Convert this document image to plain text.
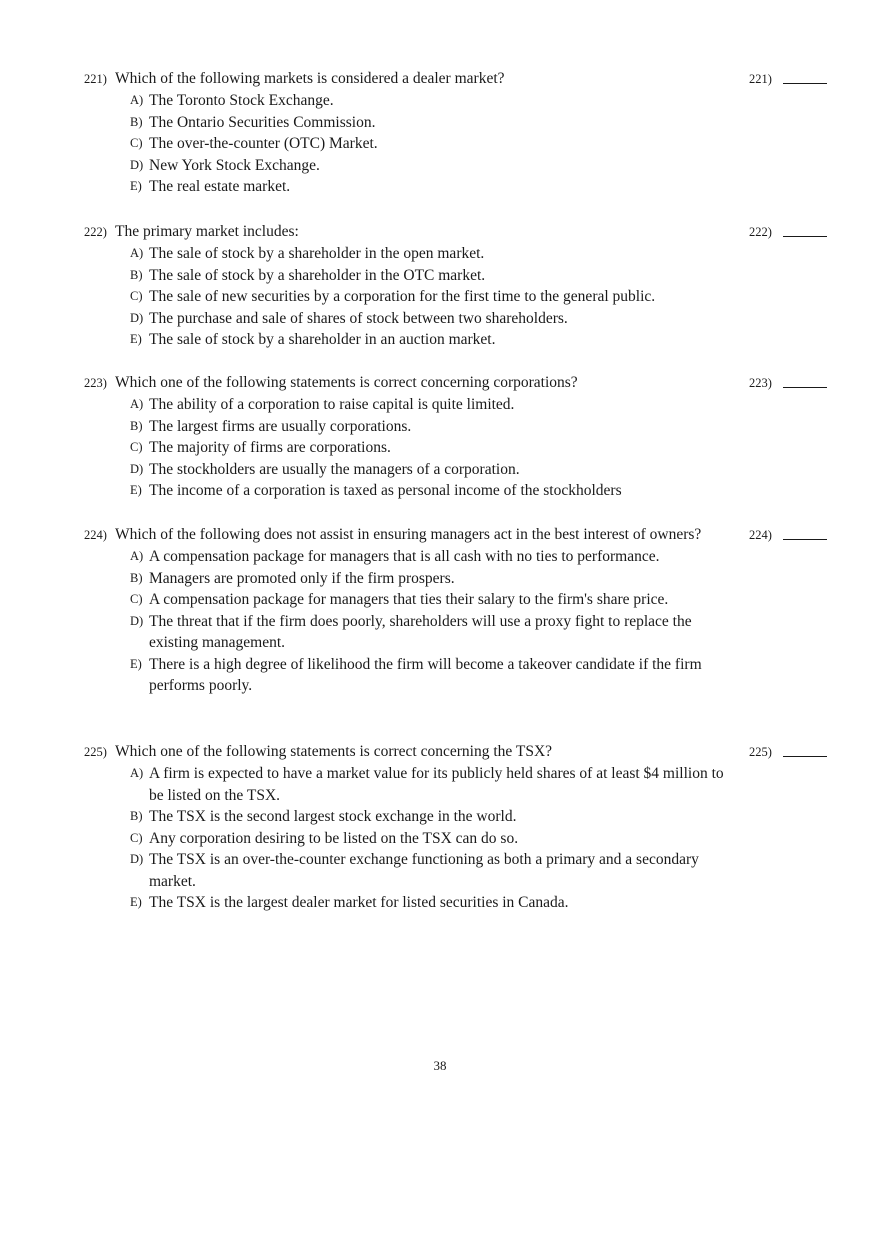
221) Which of the following markets is considered a dealer market?	221)
A) The Toronto Stock Exchange.
B) The Ontario Securities Commission.
C) The over-the-counter (OTC) Market.
D) New York Stock Exchange.
E) The real estate market.
222) The primary market includes:	222)
A) The sale of stock by a shareholder in the open market.
B) The sale of stock by a shareholder in the OTC market.
C) The sale of new securities by a corporation for the first time to the general public.
D) The purchase and sale of shares of stock between two shareholders.
E) The sale of stock by a shareholder in an auction market.
223) Which one of the following statements is correct concerning corporations?	223)
A) The ability of a corporation to raise capital is quite limited.
B) The largest firms are usually corporations.
C) The majority of firms are corporations.
D) The stockholders are usually the managers of a corporation.
E) The income of a corporation is taxed as personal income of the stockholders
224) Which of the following does not assist in ensuring managers act in the best interest of owners?	224)
A) A compensation package for managers that is all cash with no ties to performance.
B) Managers are promoted only if the firm prospers.
C) A compensation package for managers that ties their salary to the firm's share price.
D) The threat that if the firm does poorly, shareholders will use a proxy fight to replace the existing management.
E) There is a high degree of likelihood the firm will become a takeover candidate if the firm performs poorly.
225) Which one of the following statements is correct concerning the TSX?	225)
A) A firm is expected to have a market value for its publicly held shares of at least $4 million to be listed on the TSX.
B) The TSX is the second largest stock exchange in the world.
C) Any corporation desiring to be listed on the TSX can do so.
D) The TSX is an over-the-counter exchange functioning as both a primary and a secondary market.
E) The TSX is the largest dealer market for listed securities in Canada.
38
